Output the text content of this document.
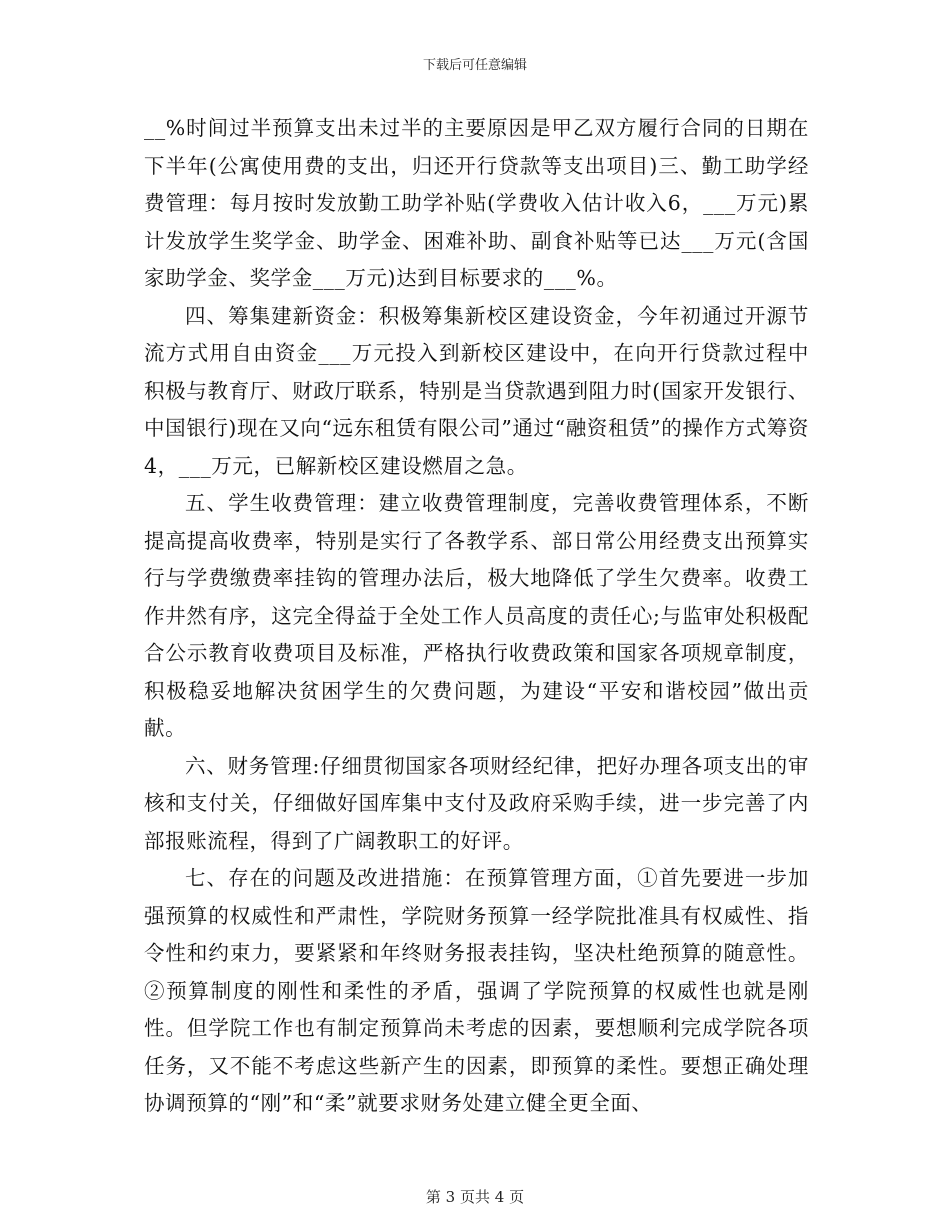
下载后可任意编辑

__%时间过半预算支出未过半的主要原因是甲乙双方履行合同的日期在下半年(公寓使用费的支出，归还开行贷款等支出项目)三、勤工助学经费管理：每月按时发放勤工助学补贴(学费收入估计收入6，___万元)累计发放学生奖学金、助学金、困难补助、副食补贴等已达___万元(含国家助学金、奖学金___万元)达到目标要求的___%。

四、筹集建新资金：积极筹集新校区建设资金，今年初通过开源节流方式用自由资金___万元投入到新校区建设中，在向开行贷款过程中积极与教育厅、财政厅联系，特别是当贷款遇到阻力时(国家开发银行、中国银行)现在又向“远东租赁有限公司”通过“融资租赁”的操作方式筹资4，___万元，已解新校区建设燃眉之急。

五、学生收费管理：建立收费管理制度，完善收费管理体系，不断提高提高收费率，特别是实行了各教学系、部日常公用经费支出预算实行与学费缴费率挂钩的管理办法后，极大地降低了学生欠费率。收费工作井然有序，这完全得益于全处工作人员高度的责任心;与监审处积极配合公示教育收费项目及标准，严格执行收费政策和国家各项规章制度，积极稳妥地解决贫困学生的欠费问题，为建设“平安和谐校园”做出贡献。

六、财务管理:仔细贯彻国家各项财经纪律，把好办理各项支出的审核和支付关，仔细做好国库集中支付及政府采购手续，进一步完善了内部报账流程，得到了广阔教职工的好评。

七、存在的问题及改进措施：在预算管理方面，①首先要进一步加强预算的权威性和严肃性，学院财务预算一经学院批准具有权威性、指令性和约束力，要紧紧和年终财务报表挂钩，坚决杜绝预算的随意性。②预算制度的刚性和柔性的矛盾，强调了学院预算的权威性也就是刚性。但学院工作也有制定预算尚未考虑的因素，要想顺利完成学院各项任务，又不能不考虑这些新产生的因素，即预算的柔性。要想正确处理协调预算的“刚”和“柔”就要求财务处建立健全更全面、

第 3 页共 4 页
